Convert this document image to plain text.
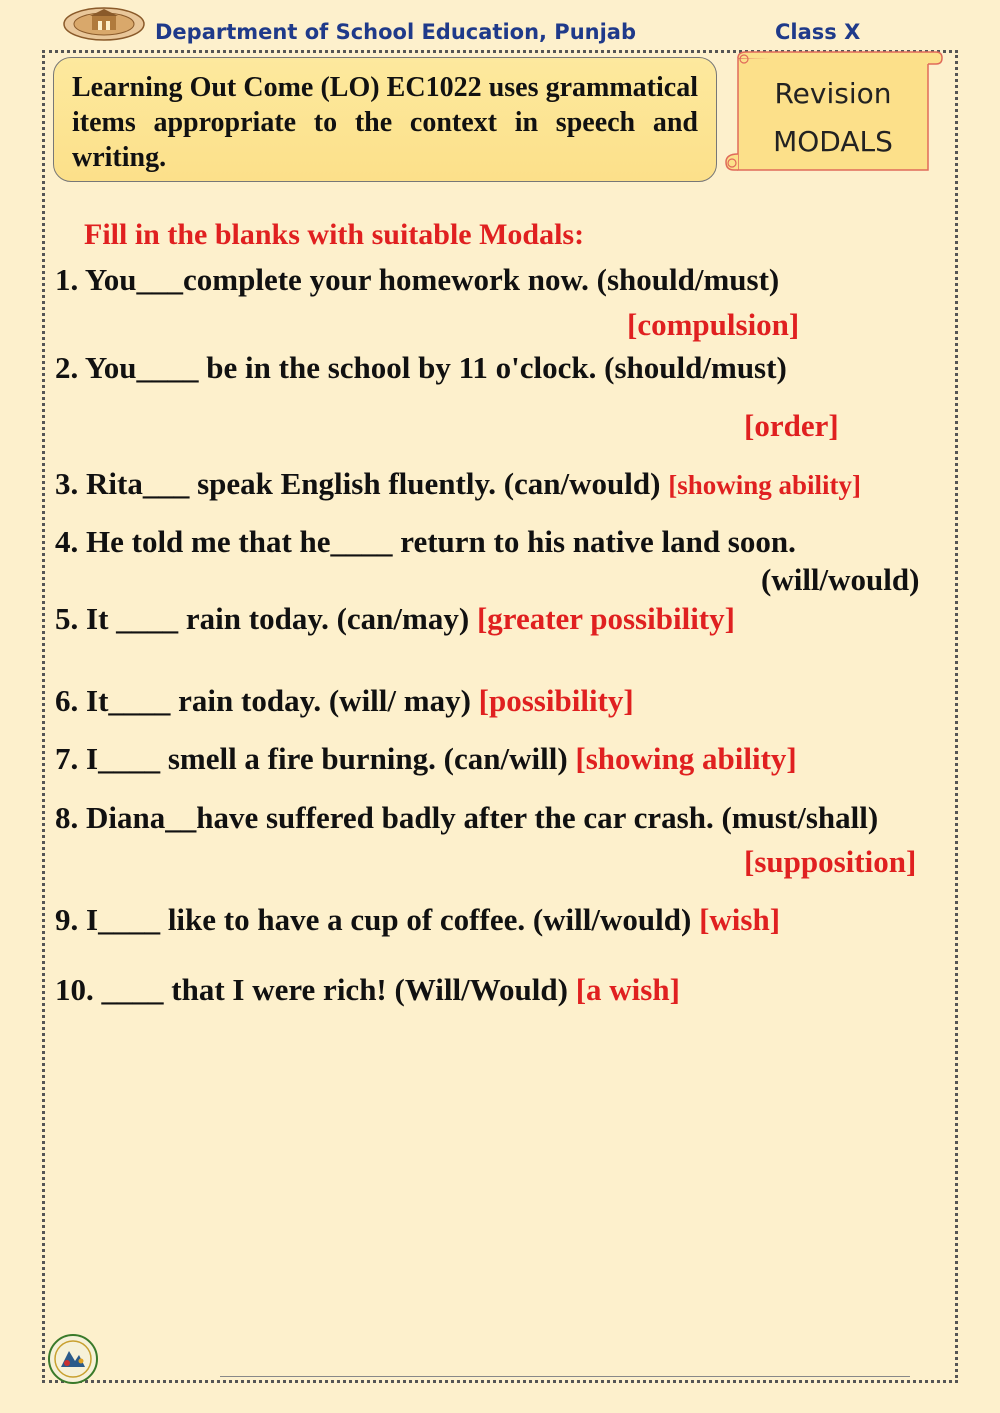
Department of School Education, Punjab	Class X

Learning Out Come (LO) EC1022 uses grammatical items appropriate to the context in speech and writing.

Revision
MODALS
Fill in the blanks with suitable Modals:
1. You___complete your homework now. (should/must)
[compulsion]
2. You____ be in the school by 11 o'clock. (should/must)
[order]
3. Rita___ speak English fluently. (can/would) [showing ability]
4. He told me that he____ return to his native land soon.
(will/would)
5. It ____ rain today. (can/may) [greater possibility]
6. It____ rain today. (will/ may) [possibility]
7. I____ smell a fire burning. (can/will) [showing ability]
8. Diana__have suffered badly after the car crash. (must/shall)
[supposition]
9. I____ like to have a cup of coffee. (will/would) [wish]
10. ____ that I were rich! (Will/Would) [a wish]
